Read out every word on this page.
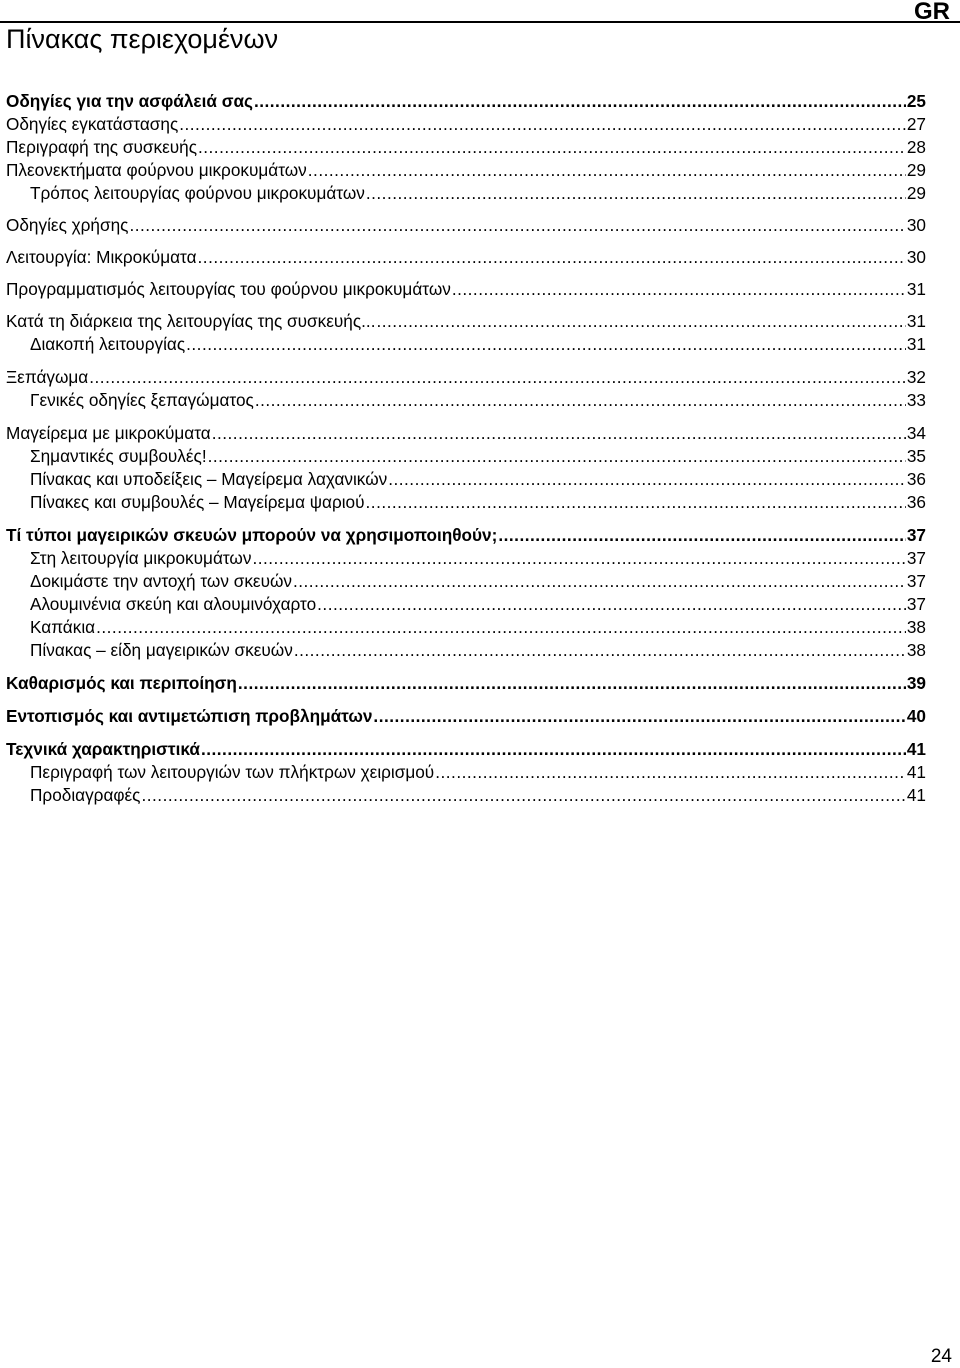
GR
Πίνακας περιεχομένων
Οδηγίες για την ασφάλειά σας .....	25
Οδηγίες εγκατάστασης .....	27
Περιγραφή της συσκευής .....	28
Πλεονεκτήματα φούρνου μικροκυμάτων .....	29
Τρόπος λειτουργίας φούρνου μικροκυμάτων .....	29
Οδηγίες χρήσης .....	30
Λειτουργία: Μικροκύματα .....	30
Προγραμματισμός λειτουργίας του φούρνου μικροκυμάτων .....	31
Κατά τη διάρκεια της λειτουργίας της συσκευής... .....	31
Διακοπή λειτουργίας .....	31
Ξεπάγωμα .....	32
Γενικές οδηγίες ξεπαγώματος .....	33
Μαγείρεμα με μικροκύματα .....	34
Σημαντικές συμβουλές! .....	35
Πίνακας και υποδείξεις – Μαγείρεμα λαχανικών .....	36
Πίνακες και συμβουλές – Μαγείρεμα ψαριού .....	36
Τί τύποι μαγειρικών σκευών μπορούν να χρησιμοποιηθούν; .....	37
Στη λειτουργία μικροκυμάτων .....	37
Δοκιμάστε την αντοχή των σκευών .....	37
Αλουμινένια σκεύη και αλουμινόχαρτο .....	37
Καπάκια .....	38
Πίνακας – είδη μαγειρικών σκευών .....	38
Καθαρισμός και περιποίηση .....	39
Εντοπισμός και αντιμετώπιση προβλημάτων .....	40
Τεχνικά χαρακτηριστικά .....	41
Περιγραφή των λειτουργιών των πλήκτρων χειρισμού .....	41
Προδιαγραφές .....	41
24
